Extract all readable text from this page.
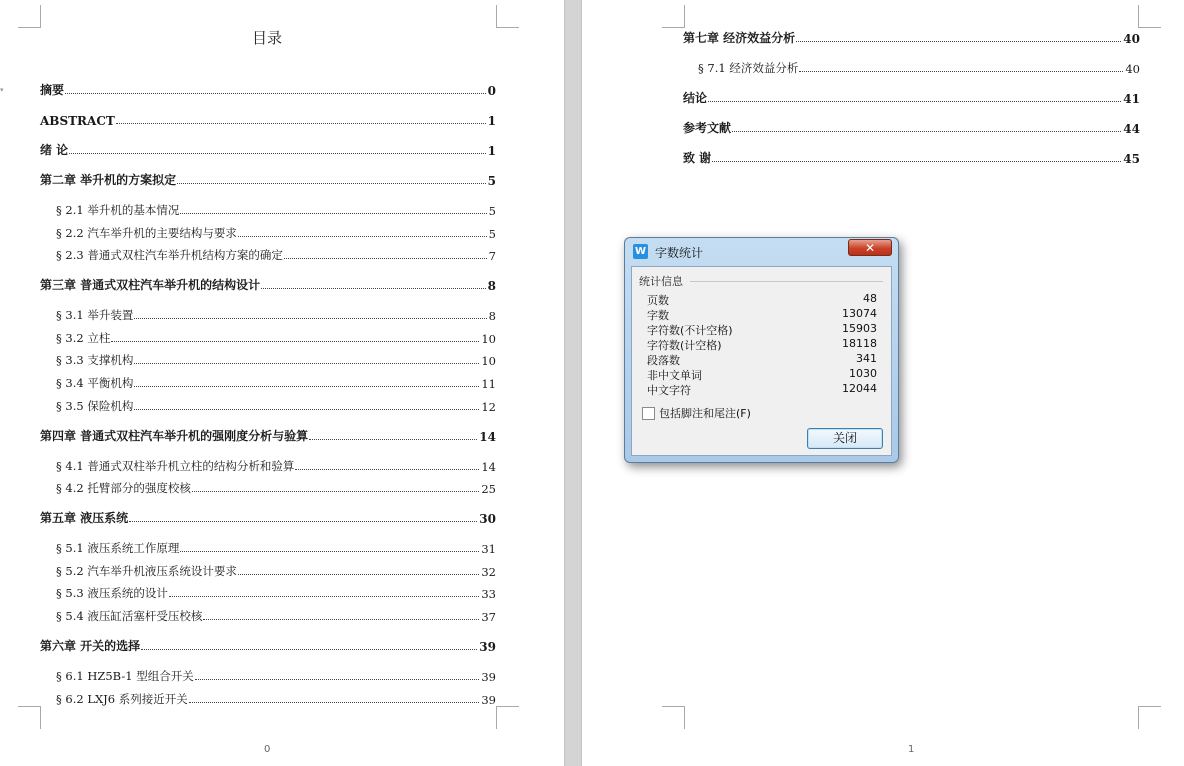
▾
目录
摘要	0
ABSTRACT	1
绪 论	1
第二章 举升机的方案拟定	5
§ 2.1 举升机的基本情况	5
§ 2.2 汽车举升机的主要结构与要求	5
§ 2.3 普通式双柱汽车举升机结构方案的确定	7
第三章 普通式双柱汽车举升机的结构设计	8
§ 3.1 举升装置	8
§ 3.2 立柱	10
§ 3.3 支撑机构	10
§ 3.4 平衡机构	11
§ 3.5 保险机构	12
第四章 普通式双柱汽车举升机的强刚度分析与验算	14
§ 4.1 普通式双柱举升机立柱的结构分析和验算	14
§ 4.2 托臂部分的强度校核	25
第五章 液压系统	30
§ 5.1 液压系统工作原理	31
§ 5.2 汽车举升机液压系统设计要求	32
§ 5.3 液压系统的设计	33
§ 5.4 液压缸活塞杆受压校核	37
第六章 开关的选择	39
§ 6.1 HZ5B-1 型组合开关	39
§ 6.2 LXJ6 系列接近开关	39
0
第七章 经济效益分析	40
§ 7.1 经济效益分析	40
结论	41
参考文献	44
致 谢	45
1
W 字数统计	✕
统计信息
页数	48
字数	13074
字符数(不计空格)	15903
字符数(计空格)	18118
段落数	341
非中文单词	1030
中文字符	12044
包括脚注和尾注(F)
关闭
